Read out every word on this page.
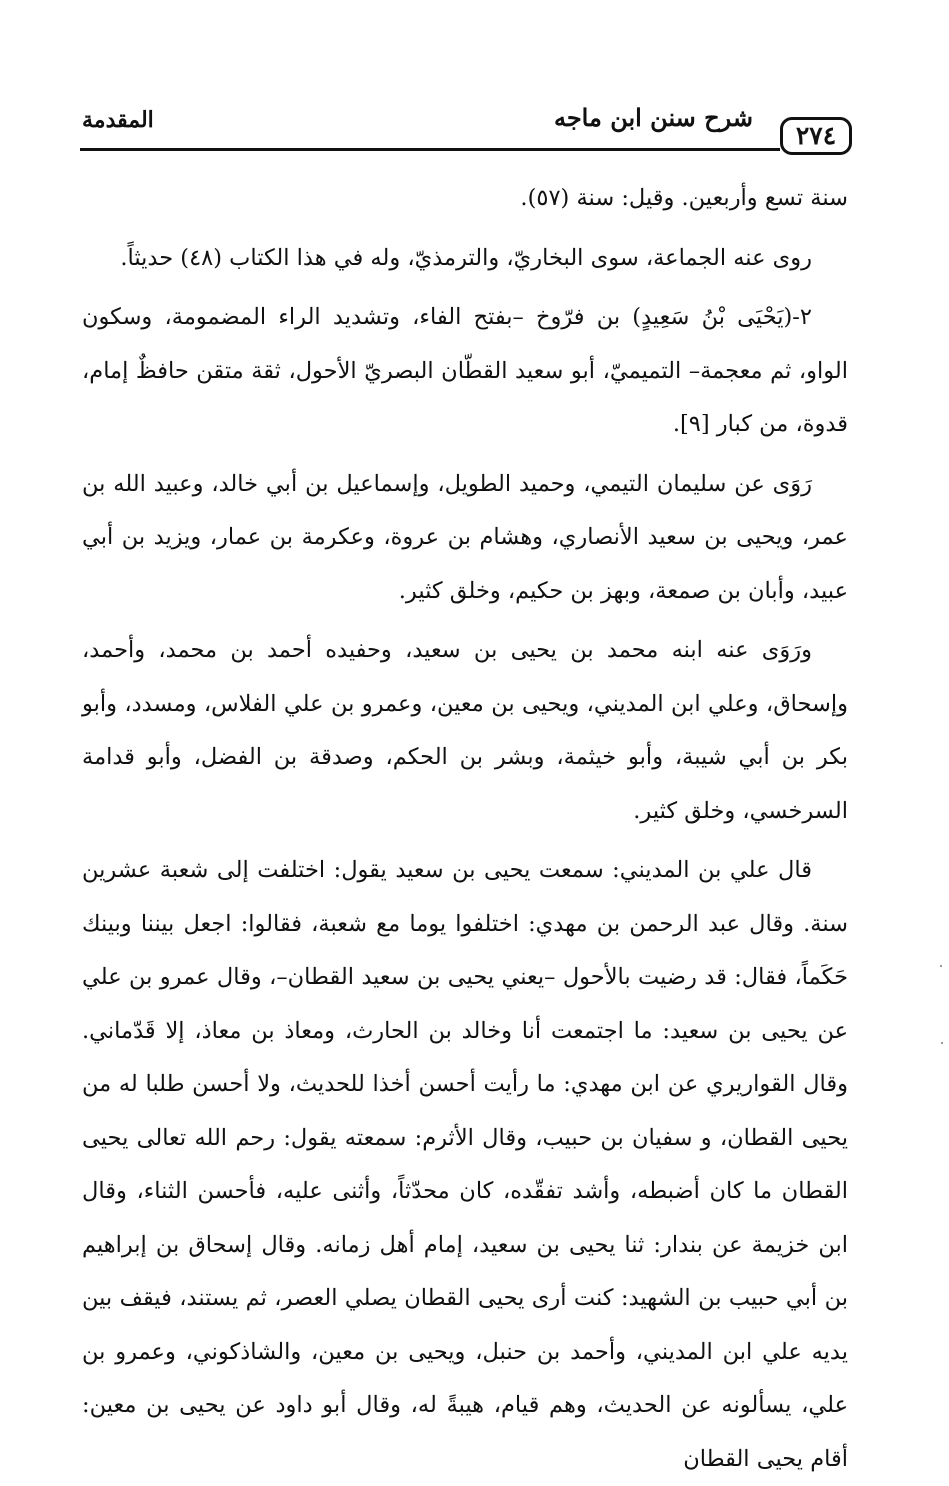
٢٧٤
شرح سنن ابن ماجه
المقدمة

سنة تسع وأربعين. وقيل: سنة (٥٧).

روى عنه الجماعة، سوى البخاريّ، والترمذيّ، وله في هذا الكتاب (٤٨) حديثاً.

٢-(يَحْيَى بْنُ سَعِيدٍ) بن فرّوخ –بفتح الفاء، وتشديد الراء المضمومة، وسكون الواو، ثم معجمة– التميميّ، أبو سعيد القطّان البصريّ الأحول، ثقة متقن حافظٌ إمام، قدوة، من كبار [٩].

رَوَى عن سليمان التيمي، وحميد الطويل، وإسماعيل بن أبي خالد، وعبيد الله بن عمر، ويحيى بن سعيد الأنصاري، وهشام بن عروة، وعكرمة بن عمار، ويزيد بن أبي عبيد، وأبان بن صمعة، وبهز بن حكيم، وخلق كثير.

ورَوَى عنه ابنه محمد بن يحيى بن سعيد، وحفيده أحمد بن محمد، وأحمد، وإسحاق، وعلي ابن المديني، ويحيى بن معين، وعمرو بن علي الفلاس، ومسدد، وأبو بكر بن أبي شيبة، وأبو خيثمة، وبشر بن الحكم، وصدقة بن الفضل، وأبو قدامة السرخسي، وخلق كثير.

قال علي بن المديني: سمعت يحيى بن سعيد يقول: اختلفت إلى شعبة عشرين سنة. وقال عبد الرحمن بن مهدي: اختلفوا يوما مع شعبة، فقالوا: اجعل بيننا وبينك حَكَماً، فقال: قد رضيت بالأحول –يعني يحيى بن سعيد القطان–، وقال عمرو بن علي عن يحيى بن سعيد: ما اجتمعت أنا وخالد بن الحارث، ومعاذ بن معاذ، إلا قَدّماني. وقال القواريري عن ابن مهدي: ما رأيت أحسن أخذا للحديث، ولا أحسن طلبا له من يحيى القطان، و سفيان بن حبيب، وقال الأثرم: سمعته يقول: رحم الله تعالى يحيى القطان ما كان أضبطه، وأشد تفقّده، كان محدّثاً، وأثنى عليه، فأحسن الثناء، وقال ابن خزيمة عن بندار: ثنا يحيى بن سعيد، إمام أهل زمانه. وقال إسحاق بن إبراهيم بن أبي حبيب بن الشهيد: كنت أرى يحيى القطان يصلي العصر، ثم يستند، فيقف بين يديه علي ابن المديني، وأحمد بن حنبل، ويحيى بن معين، والشاذكوني، وعمرو بن علي، يسألونه عن الحديث، وهم قيام، هيبةً له، وقال أبو داود عن يحيى بن معين: أقام يحيى القطان
